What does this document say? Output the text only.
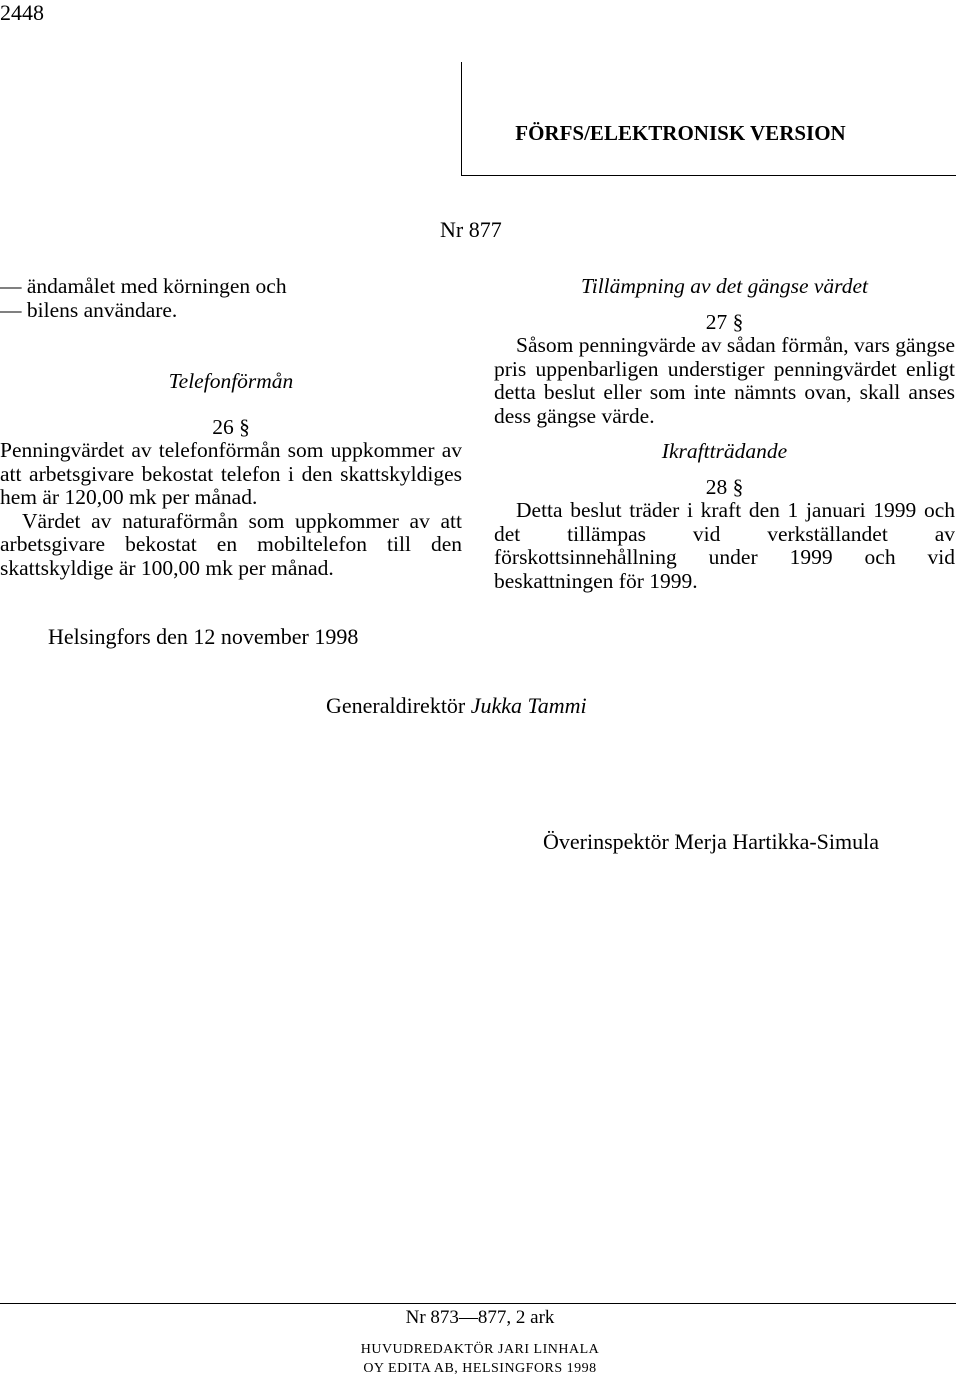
2448
FÖRFS/ELEKTRONISK VERSION
Nr 877
— ändamålet med körningen och
— bilens användare.

Telefonförmån

26 §

Penningvärdet av telefonförmån som uppkommer av att arbetsgivare bekostat telefon i den skattskyldiges hem är 120,00 mk per månad.

Värdet av naturaförmån som uppkommer av att arbetsgivare bekostat en mobiltelefon till den skattskyldige är 100,00 mk per månad.

Tillämpning av det gängse värdet

27 §

Såsom penningvärde av sådan förmån, vars gängse pris uppenbarligen understiger penningvärdet enligt detta beslut eller som inte nämnts ovan, skall anses dess gängse värde.

Ikraftträdande

28 §

Detta beslut träder i kraft den 1 januari 1999 och det tillämpas vid verkställandet av förskottsinnehållning under 1999 och vid beskattningen för 1999.

Helsingfors den 12 november 1998
Generaldirektör Jukka Tammi
Överinspektör Merja Hartikka-Simula
Nr 873—877, 2 ark
HUVUDREDAKTÖR JARI LINHALA
OY EDITA AB, HELSINGFORS 1998
